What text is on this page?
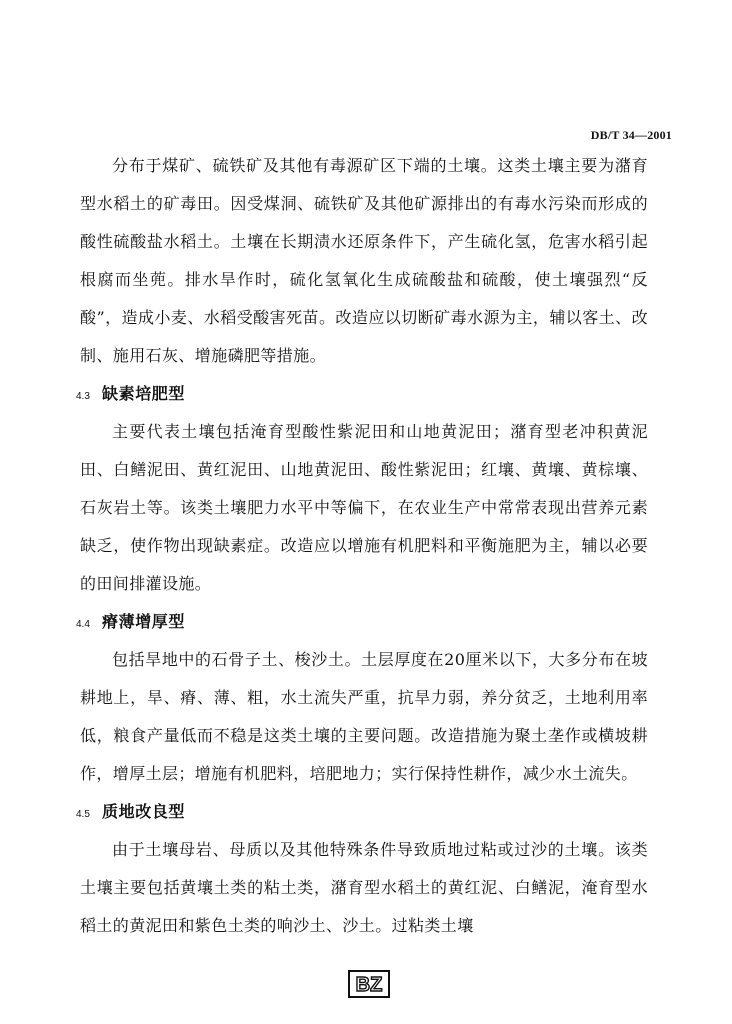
DB/T 34—2001

分布于煤矿、硫铁矿及其他有毒源矿区下端的土壤。这类土壤主要为潴育型水稻土的矿毒田。因受煤洞、硫铁矿及其他矿源排出的有毒水污染而形成的酸性硫酸盐水稻土。土壤在长期渍水还原条件下，产生硫化氢，危害水稻引起根腐而坐蔸。排水旱作时，硫化氢氧化生成硫酸盐和硫酸，使土壤强烈“反酸”，造成小麦、水稻受酸害死苗。改造应以切断矿毒水源为主，辅以客土、改制、施用石灰、增施磷肥等措施。

4.3 缺素培肥型

主要代表土壤包括淹育型酸性紫泥田和山地黄泥田；潴育型老冲积黄泥田、白鳝泥田、黄红泥田、山地黄泥田、酸性紫泥田；红壤、黄壤、黄棕壤、石灰岩土等。该类土壤肥力水平中等偏下，在农业生产中常常表现出营养元素缺乏，使作物出现缺素症。改造应以增施有机肥料和平衡施肥为主，辅以必要的田间排灌设施。

4.4 瘠薄增厚型

包括旱地中的石骨子土、梭沙土。土层厚度在20厘米以下，大多分布在坡耕地上，旱、瘠、薄、粗，水土流失严重，抗旱力弱，养分贫乏，土地利用率低，粮食产量低而不稳是这类土壤的主要问题。改造措施为聚土垄作或横坡耕作，增厚土层；增施有机肥料，培肥地力；实行保持性耕作，减少水土流失。

4.5 质地改良型

由于土壤母岩、母质以及其他特殊条件导致质地过粘或过沙的土壤。该类土壤主要包括黄壤土类的粘土类，潴育型水稻土的黄红泥、白鳝泥，淹育型水稻土的黄泥田和紫色土类的响沙土、沙土。过粘类土壤

BZ
